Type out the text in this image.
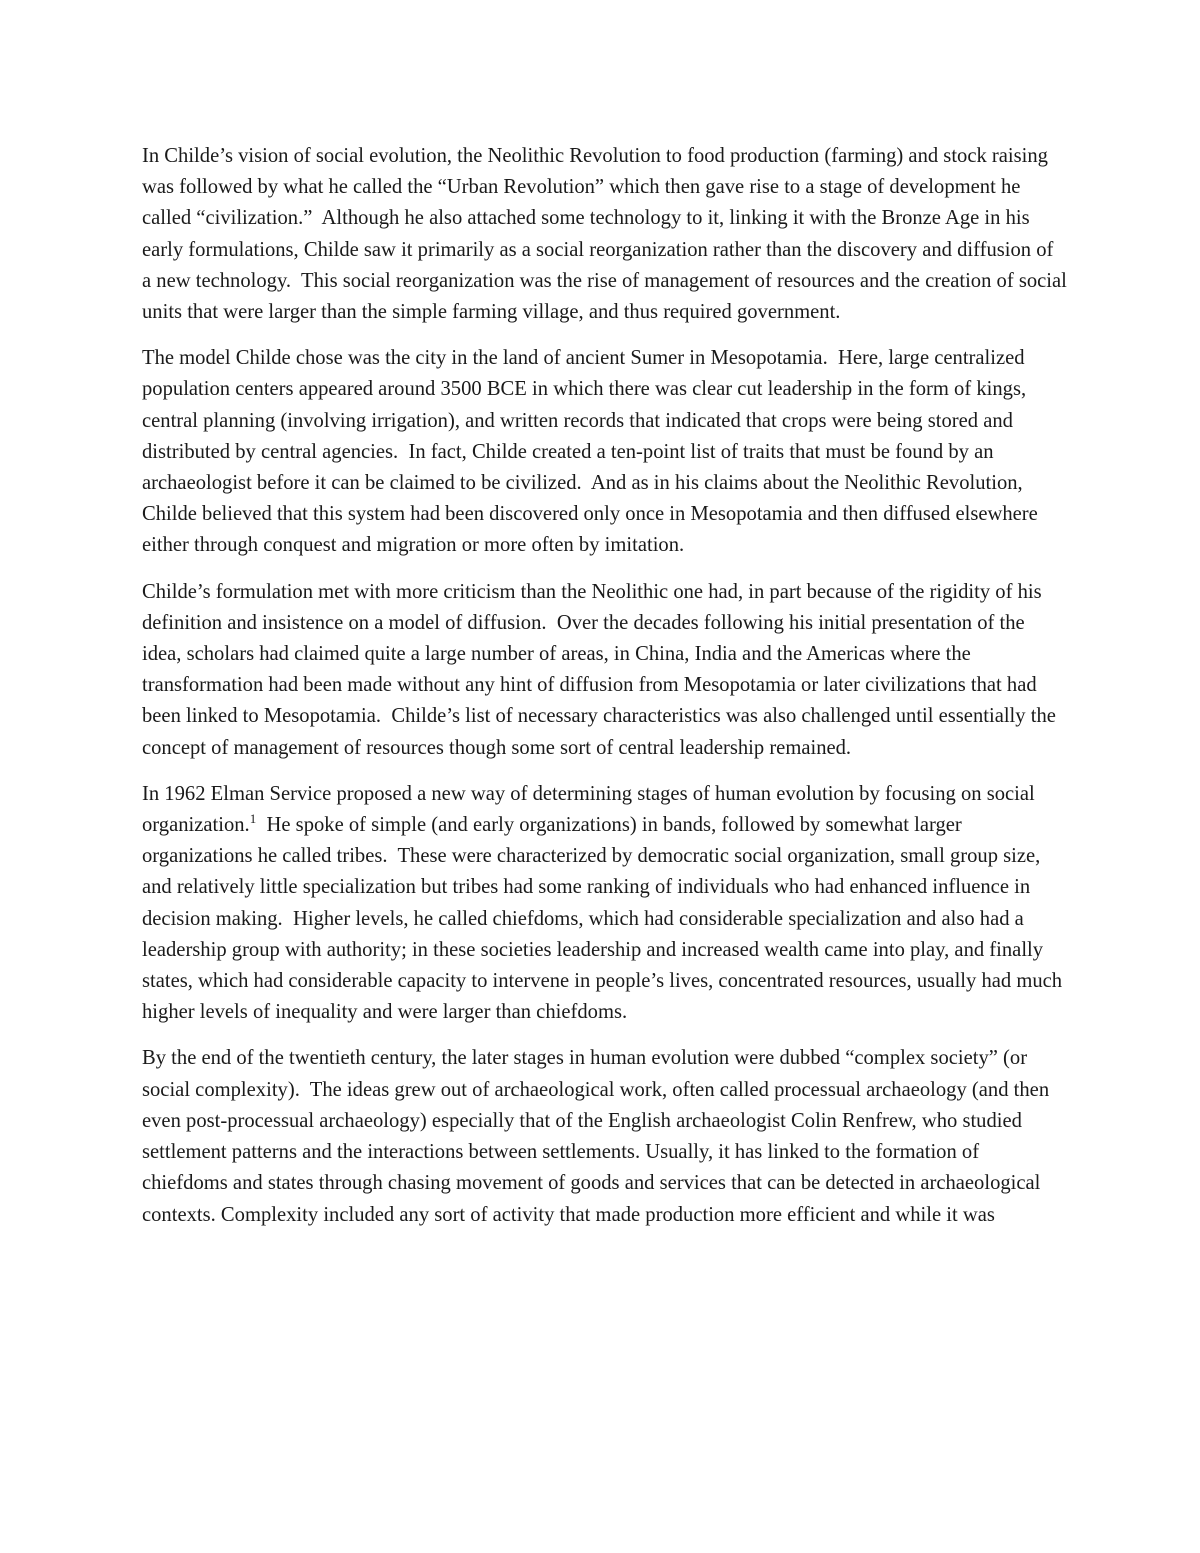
In Childe’s vision of social evolution, the Neolithic Revolution to food production (farming) and stock raising was followed by what he called the “Urban Revolution” which then gave rise to a stage of development he called “civilization.”  Although he also attached some technology to it, linking it with the Bronze Age in his early formulations, Childe saw it primarily as a social reorganization rather than the discovery and diffusion of a new technology.  This social reorganization was the rise of management of resources and the creation of social units that were larger than the simple farming village, and thus required government.

The model Childe chose was the city in the land of ancient Sumer in Mesopotamia.  Here, large centralized population centers appeared around 3500 BCE in which there was clear cut leadership in the form of kings, central planning (involving irrigation), and written records that indicated that crops were being stored and distributed by central agencies.  In fact, Childe created a ten-point list of traits that must be found by an archaeologist before it can be claimed to be civilized.  And as in his claims about the Neolithic Revolution, Childe believed that this system had been discovered only once in Mesopotamia and then diffused elsewhere either through conquest and migration or more often by imitation.

Childe’s formulation met with more criticism than the Neolithic one had, in part because of the rigidity of his definition and insistence on a model of diffusion.  Over the decades following his initial presentation of the idea, scholars had claimed quite a large number of areas, in China, India and the Americas where the transformation had been made without any hint of diffusion from Mesopotamia or later civilizations that had been linked to Mesopotamia.  Childe’s list of necessary characteristics was also challenged until essentially the concept of management of resources though some sort of central leadership remained.

In 1962 Elman Service proposed a new way of determining stages of human evolution by focusing on social organization.$^1$  He spoke of simple (and early organizations) in bands, followed by somewhat larger organizations he called tribes.  These were characterized by democratic social organization, small group size, and relatively little specialization but tribes had some ranking of individuals who had enhanced influence in decision making.  Higher levels, he called chiefdoms, which had considerable specialization and also had a leadership group with authority; in these societies leadership and increased wealth came into play, and finally states, which had considerable capacity to intervene in people’s lives, concentrated resources, usually had much higher levels of inequality and were larger than chiefdoms.

By the end of the twentieth century, the later stages in human evolution were dubbed “complex society” (or social complexity).  The ideas grew out of archaeological work, often called processual archaeology (and then even post-processual archaeology) especially that of the English archaeologist Colin Renfrew, who studied settlement patterns and the interactions between settlements. Usually, it has linked to the formation of chiefdoms and states through chasing movement of goods and services that can be detected in archaeological contexts. Complexity included any sort of activity that made production more efficient and while it was
